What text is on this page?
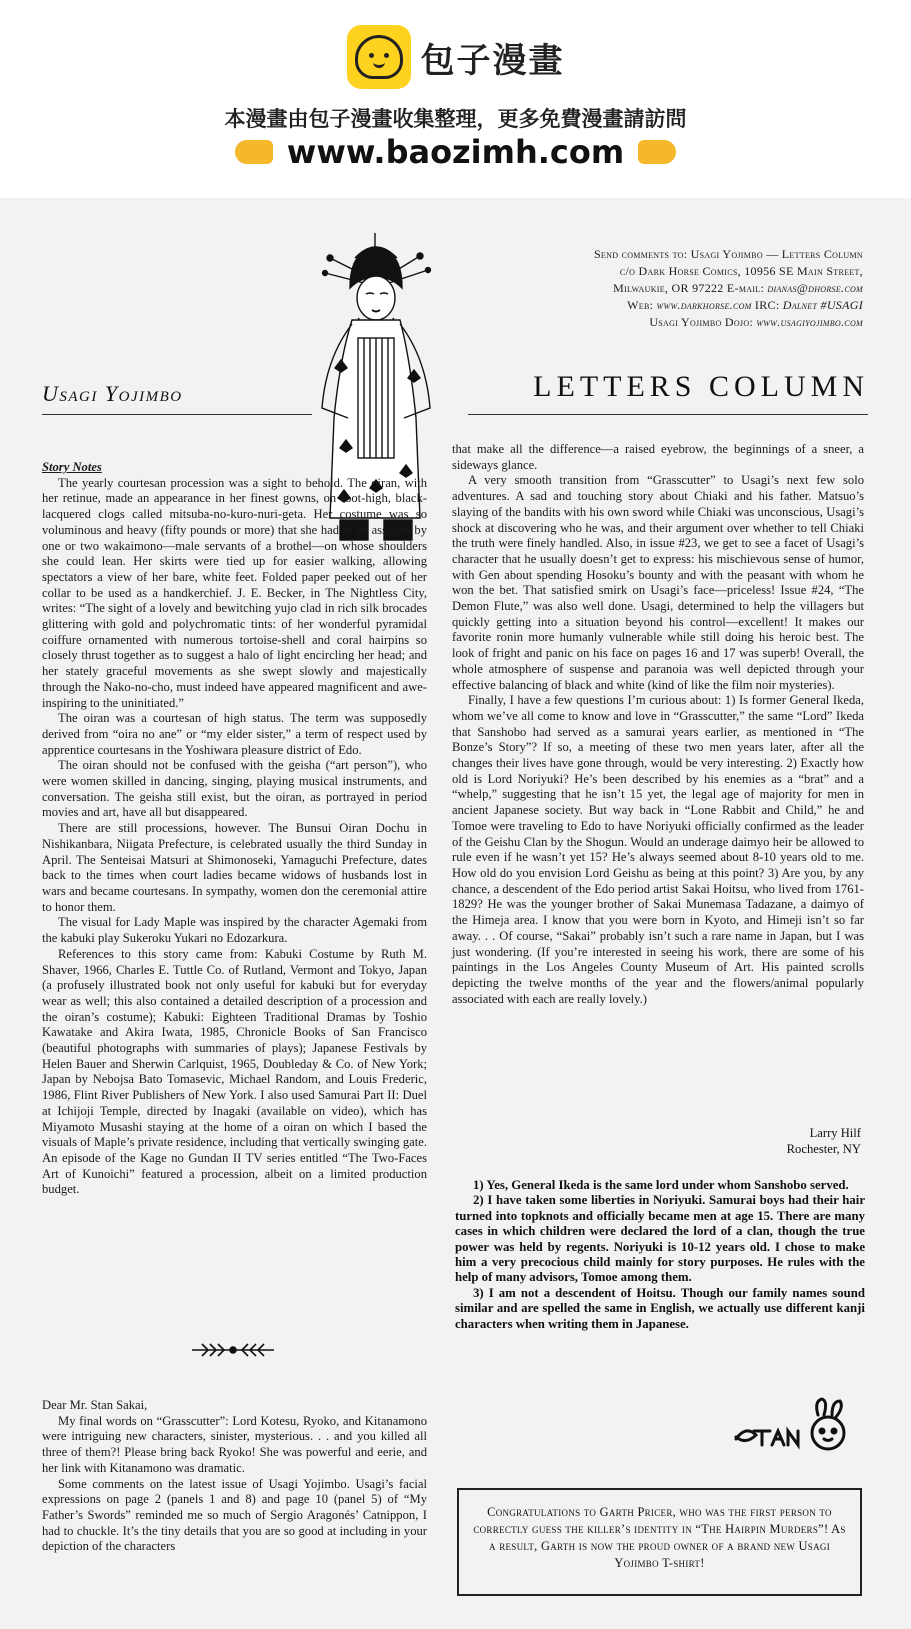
包子漫畫
本漫畫由包子漫畫收集整理，更多免費漫畫請訪問
www.baozimh.com
Send comments to: Usagi Yojimbo — Letters Column
c/o Dark Horse Comics, 10956 SE Main Street,
Milwaukie, OR 97222 E-mail: dianas@dhorse.com
Web: www.darkhorse.com IRC: Dalnet #USAGI
Usagi Yojimbo Dojo: www.usagiyojimbo.com
Usagi Yojimbo	LETTERS COLUMN
Story Notes

The yearly courtesan procession was a sight to behold. The oiran, with her retinue, made an appearance in her finest gowns, on foot-high, black-lacquered clogs called mitsuba-no-kuro-nuri-geta. Her costume was so voluminous and heavy (fifty pounds or more) that she had to be assisted by one or two wakaimono—male servants of a brothel—on whose shoulders she could lean. Her skirts were tied up for easier walking, allowing spectators a view of her bare, white feet. Folded paper peeked out of her collar to be used as a handkerchief. J. E. Becker, in The Nightless City, writes: “The sight of a lovely and bewitching yujo clad in rich silk brocades glittering with gold and polychromatic tints: of her wonderful pyramidal coiffure ornamented with numerous tortoise-shell and coral hairpins so closely thrust together as to suggest a halo of light encircling her head; and her stately graceful movements as she swept slowly and majestically through the Nako-no-cho, must indeed have appeared magnificent and awe-inspiring to the uninitiated.”

The oiran was a courtesan of high status. The term was supposedly derived from “oira no ane” or “my elder sister,” a term of respect used by apprentice courtesans in the Yoshiwara pleasure district of Edo.

The oiran should not be confused with the geisha (“art person”), who were women skilled in dancing, singing, playing musical instruments, and conversation. The geisha still exist, but the oiran, as portrayed in period movies and art, have all but disappeared.

There are still processions, however. The Bunsui Oiran Dochu in Nishikanbara, Niigata Prefecture, is celebrated usually the third Sunday in April. The Senteisai Matsuri at Shimonoseki, Yamaguchi Prefecture, dates back to the times when court ladies became widows of husbands lost in wars and became courtesans. In sympathy, women don the ceremonial attire to honor them.

The visual for Lady Maple was inspired by the character Agemaki from the kabuki play Sukeroku Yukari no Edozarkura.

References to this story came from: Kabuki Costume by Ruth M. Shaver, 1966, Charles E. Tuttle Co. of Rutland, Vermont and Tokyo, Japan (a profusely illustrated book not only useful for kabuki but for everyday wear as well; this also contained a detailed description of a procession and the oiran’s costume); Kabuki: Eighteen Traditional Dramas by Toshio Kawatake and Akira Iwata, 1985, Chronicle Books of San Francisco (beautiful photographs with summaries of plays); Japanese Festivals by Helen Bauer and Sherwin Carlquist, 1965, Doubleday & Co. of New York; Japan by Nebojsa Bato Tomasevic, Michael Random, and Louis Frederic, 1986, Flint River Publishers of New York. I also used Samurai Part II: Duel at Ichijoji Temple, directed by Inagaki (available on video), which has Miyamoto Musashi staying at the home of a oiran on which I based the visuals of Maple’s private residence, including that vertically swinging gate. An episode of the Kage no Gundan II TV series entitled “The Two-Faces Art of Kunoichi” featured a procession, albeit on a limited production budget.

Dear Mr. Stan Sakai,

My final words on “Grasscutter”: Lord Kotesu, Ryoko, and Kitanamono were intriguing new characters, sinister, mysterious. . . and you killed all three of them?! Please bring back Ryoko! She was powerful and eerie, and her link with Kitanamono was dramatic.

Some comments on the latest issue of Usagi Yojimbo. Usagi’s facial expressions on page 2 (panels 1 and 8) and page 10 (panel 5) of “My Father’s Swords” reminded me so much of Sergio Aragonés’ Catnippon, I had to chuckle. It’s the tiny details that you are so good at including in your depiction of the characters

that make all the difference—a raised eyebrow, the beginnings of a sneer, a sideways glance.

A very smooth transition from “Grasscutter” to Usagi’s next few solo adventures. A sad and touching story about Chiaki and his father. Matsuo’s slaying of the bandits with his own sword while Chiaki was unconscious, Usagi’s shock at discovering who he was, and their argument over whether to tell Chiaki the truth were finely handled. Also, in issue #23, we get to see a facet of Usagi’s character that he usually doesn’t get to express: his mischievous sense of humor, with Gen about spending Hosoku’s bounty and with the peasant with whom he won the bet. That satisfied smirk on Usagi’s face—priceless! Issue #24, “The Demon Flute,” was also well done. Usagi, determined to help the villagers but quickly getting into a situation beyond his control—excellent! It makes our favorite ronin more humanly vulnerable while still doing his heroic best. The look of fright and panic on his face on pages 16 and 17 was superb! Overall, the whole atmosphere of suspense and paranoia was well depicted through your effective balancing of black and white (kind of like the film noir mysteries).

Finally, I have a few questions I’m curious about: 1) Is former General Ikeda, whom we’ve all come to know and love in “Grasscutter,” the same “Lord” Ikeda that Sanshobo had served as a samurai years earlier, as mentioned in “The Bonze’s Story”? If so, a meeting of these two men years later, after all the changes their lives have gone through, would be very interesting. 2) Exactly how old is Lord Noriyuki? He’s been described by his enemies as a “brat” and a “whelp,” suggesting that he isn’t 15 yet, the legal age of majority for men in ancient Japanese society. But way back in “Lone Rabbit and Child,” he and Tomoe were traveling to Edo to have Noriyuki officially confirmed as the leader of the Geishu Clan by the Shogun. Would an underage daimyo heir be allowed to rule even if he wasn’t yet 15? He’s always seemed about 8-10 years old to me. How old do you envision Lord Geishu as being at this point? 3) Are you, by any chance, a descendent of the Edo period artist Sakai Hoitsu, who lived from 1761-1829? He was the younger brother of Sakai Munemasa Tadazane, a daimyo of the Himeja area. I know that you were born in Kyoto, and Himeji isn’t so far away. . . Of course, “Sakai” probably isn’t such a rare name in Japan, but I was just wondering. (If you’re interested in seeing his work, there are some of his paintings in the Los Angeles County Museum of Art. His painted scrolls depicting the twelve months of the year and the flowers/animal popularly associated with each are really lovely.)

Larry Hilf
Rochester, NY

1) Yes, General Ikeda is the same lord under whom Sanshobo served.

2) I have taken some liberties in Noriyuki. Samurai boys had their hair turned into topknots and officially became men at age 15. There are many cases in which children were declared the lord of a clan, though the true power was held by regents. Noriyuki is 10-12 years old. I chose to make him a very precocious child mainly for story purposes. He rules with the help of many advisors, Tomoe among them.

3) I am not a descendent of Hoitsu. Though our family names sound similar and are spelled the same in English, we actually use different kanji characters when writing them in Japanese.

Congratulations to Garth Pricer, who was the first person to correctly guess the killer’s identity in “The Hairpin Murders”! As a result, Garth is now the proud owner of a brand new Usagi Yojimbo T-shirt!
